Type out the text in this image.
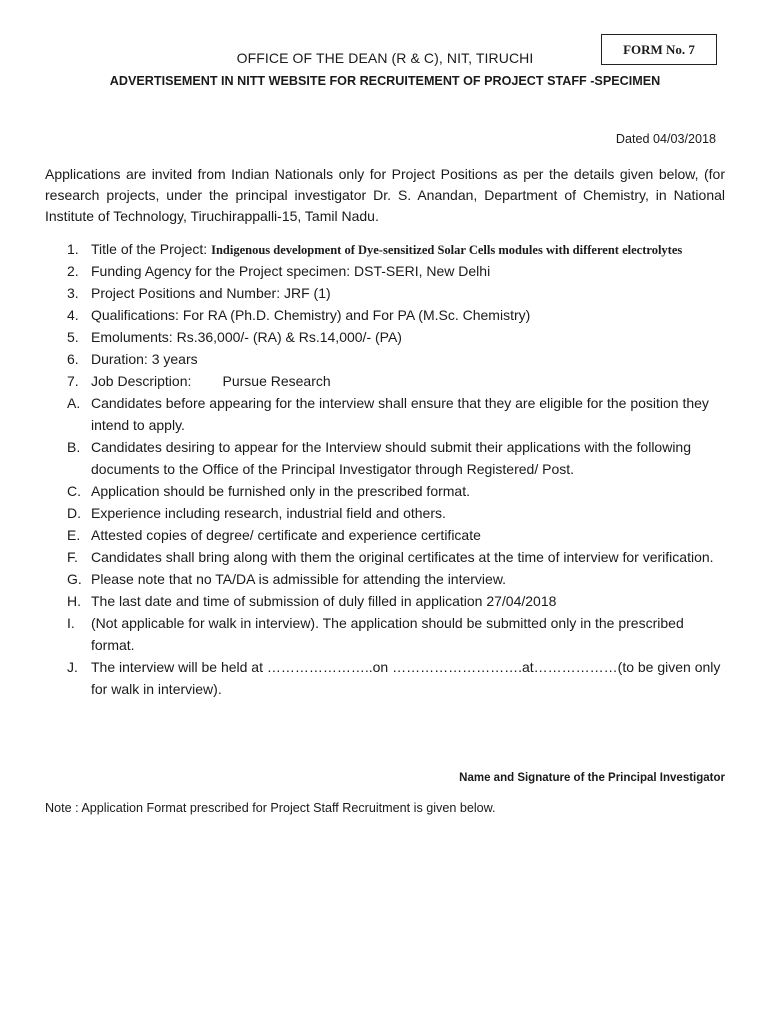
FORM No. 7
OFFICE OF THE DEAN (R & C), NIT, TIRUCHI
ADVERTISEMENT IN NITT WEBSITE FOR RECRUITEMENT OF PROJECT STAFF -SPECIMEN
Dated 04/03/2018
Applications are invited from Indian Nationals only for Project Positions as per the details given below, (for research projects, under the principal investigator Dr. S. Anandan, Department of Chemistry, in National Institute of Technology, Tiruchirappalli-15, Tamil Nadu.
1. Title of the Project: Indigenous development of Dye-sensitized Solar Cells modules with different electrolytes
2. Funding Agency for the Project specimen: DST-SERI, New Delhi
3. Project Positions and Number: JRF (1)
4. Qualifications: For RA (Ph.D. Chemistry) and For PA (M.Sc. Chemistry)
5. Emoluments: Rs.36,000/- (RA) & Rs.14,000/- (PA)
6. Duration: 3 years
7. Job Description:        Pursue Research
A. Candidates before appearing for the interview shall ensure that they are eligible for the position they intend to apply.
B. Candidates desiring to appear for the Interview should submit their applications with the following documents to the Office of the Principal Investigator through Registered/ Post.
C. Application should be furnished only in the prescribed format.
D. Experience including research, industrial field and others.
E. Attested copies of degree/ certificate and experience certificate
F. Candidates shall bring along with them the original certificates at the time of interview for verification.
G. Please note that no TA/DA is admissible for attending the interview.
H. The last date and time of submission of duly filled in application 27/04/2018
I. (Not applicable for walk in interview). The application should be submitted only in the prescribed format.
J. The interview will be held at …………………..on ……………………….at………………(to be given only for walk in interview).
Name and Signature of the Principal Investigator
Note : Application Format prescribed for Project Staff Recruitment is given below.
